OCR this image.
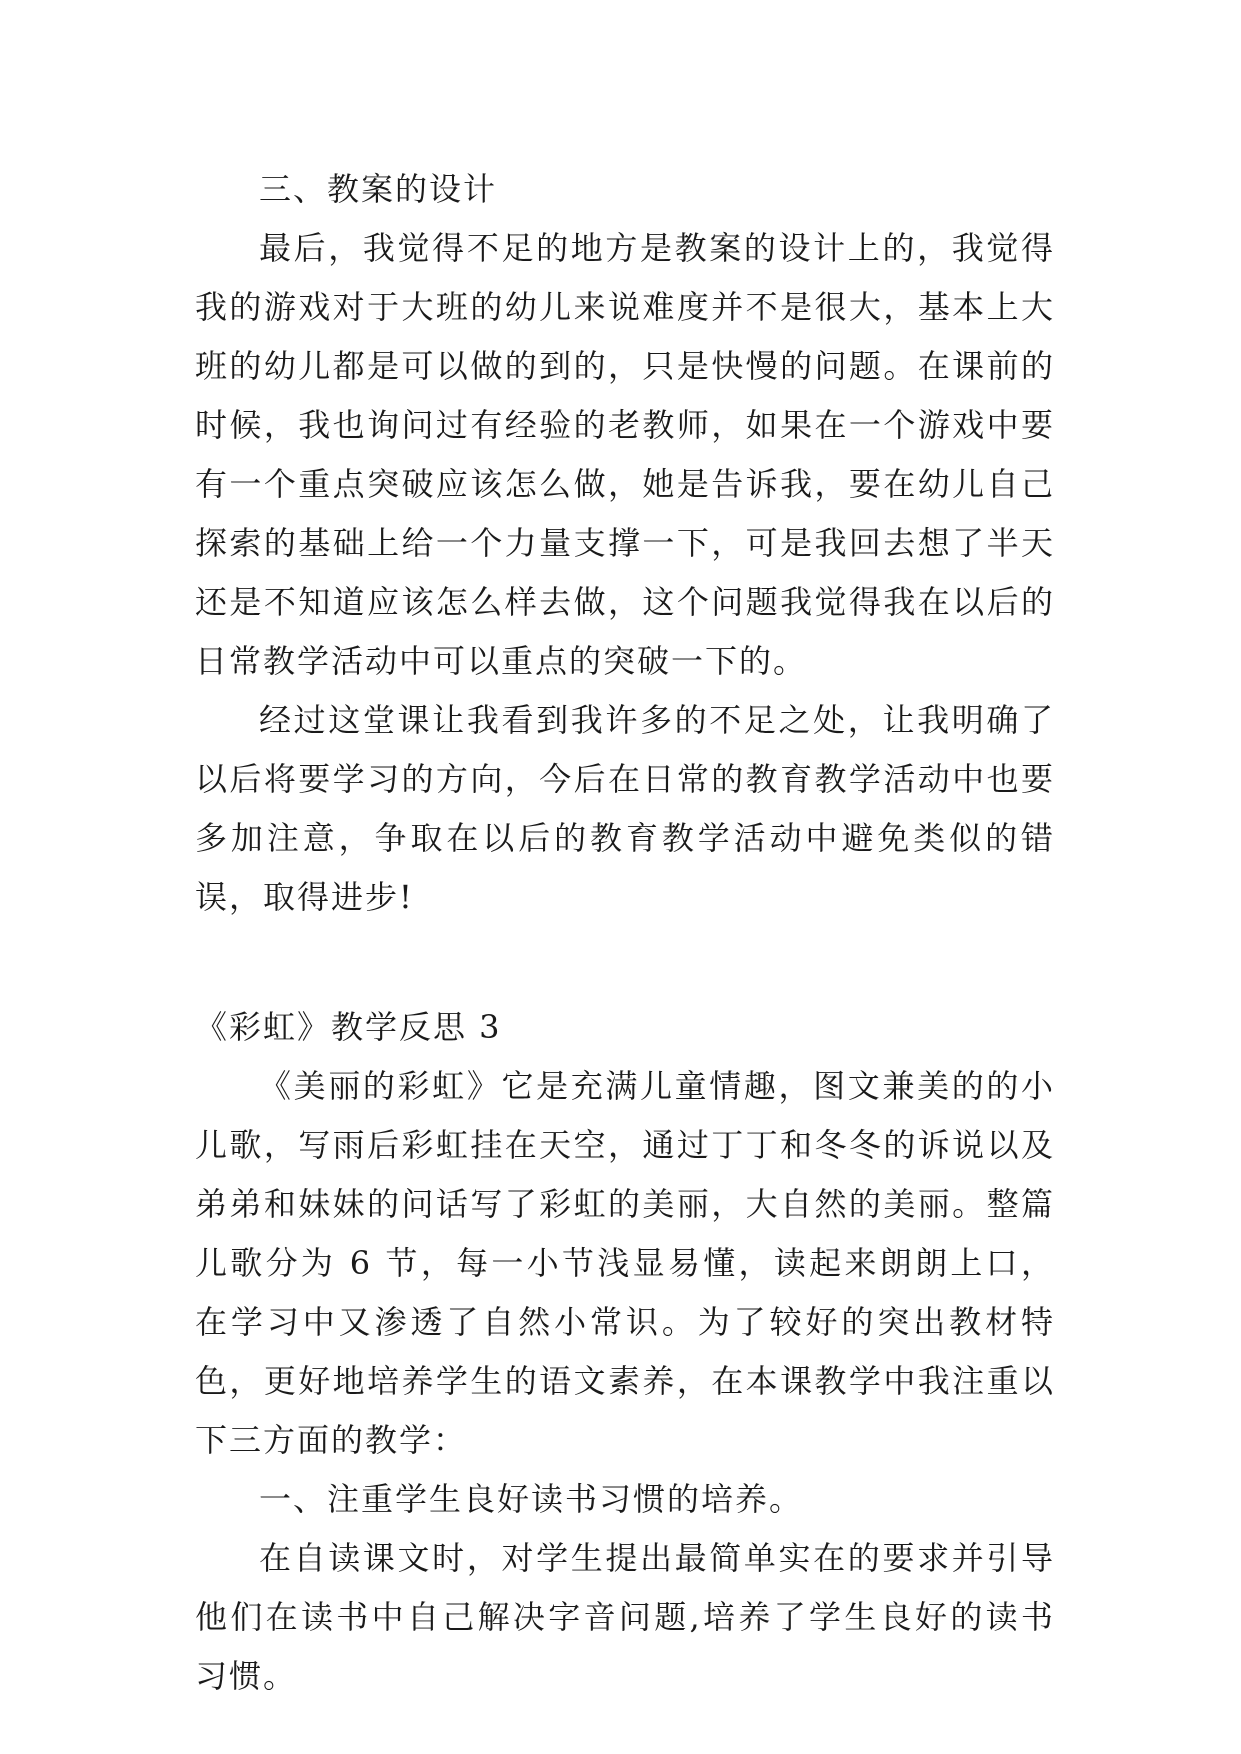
三、教案的设计

最后，我觉得不足的地方是教案的设计上的，我觉得我的游戏对于大班的幼儿来说难度并不是很大，基本上大班的幼儿都是可以做的到的，只是快慢的问题。在课前的时候，我也询问过有经验的老教师，如果在一个游戏中要有一个重点突破应该怎么做，她是告诉我，要在幼儿自己探索的基础上给一个力量支撑一下，可是我回去想了半天还是不知道应该怎么样去做，这个问题我觉得我在以后的日常教学活动中可以重点的突破一下的。

经过这堂课让我看到我许多的不足之处，让我明确了以后将要学习的方向，今后在日常的教育教学活动中也要多加注意，争取在以后的教育教学活动中避免类似的错误，取得进步!

《彩虹》教学反思 3

《美丽的彩虹》它是充满儿童情趣，图文兼美的的小儿歌，写雨后彩虹挂在天空，通过丁丁和冬冬的诉说以及弟弟和妹妹的问话写了彩虹的美丽，大自然的美丽。整篇儿歌分为 6 节，每一小节浅显易懂，读起来朗朗上口，在学习中又渗透了自然小常识。为了较好的突出教材特色，更好地培养学生的语文素养，在本课教学中我注重以下三方面的教学：

一、注重学生良好读书习惯的培养。

在自读课文时，对学生提出最简单实在的要求并引导他们在读书中自己解决字音问题,培养了学生良好的读书习惯。
